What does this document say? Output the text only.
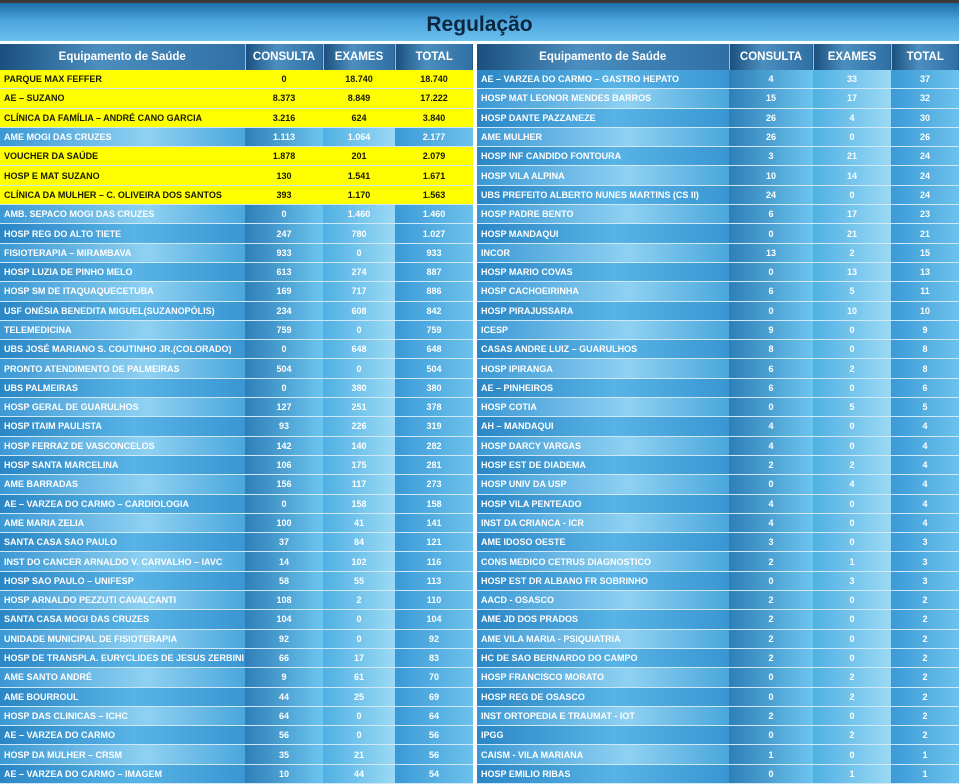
Regulação
Equipamento de Saúde	CONSULTA	EXAMES	TOTAL
PARQUE MAX FEFFER	0	18.740	18.740
AE – SUZANO	8.373	8.849	17.222
CLÍNICA DA FAMÍLIA – ANDRÉ CANO GARCIA	3.216	624	3.840
AME MOGI DAS CRUZES	1.113	1.064	2.177
VOUCHER DA SAÚDE	1.878	201	2.079
HOSP E MAT SUZANO	130	1.541	1.671
CLÍNICA DA MULHER – C. OLIVEIRA DOS SANTOS	393	1.170	1.563
AMB. SEPACO MOGI DAS CRUZES	0	1.460	1.460
HOSP REG DO ALTO TIETE	247	780	1.027
FISIOTERAPIA – MIRAMBAVA	933	0	933
HOSP LUZIA DE PINHO MELO	613	274	887
HOSP SM DE ITAQUAQUECETUBA	169	717	886
USF ONÉSIA BENEDITA MIGUEL(SUZANOPÓLIS)	234	608	842
TELEMEDICINA	759	0	759
UBS JOSÉ MARIANO S. COUTINHO JR.(COLORADO)	0	648	648
PRONTO ATENDIMENTO DE PALMEIRAS	504	0	504
UBS PALMEIRAS	0	380	380
HOSP GERAL DE GUARULHOS	127	251	378
HOSP ITAIM PAULISTA	93	226	319
HOSP FERRAZ DE VASCONCELOS	142	140	282
HOSP SANTA MARCELINA	106	175	281
AME BARRADAS	156	117	273
AE – VARZEA DO CARMO – CARDIOLOGIA	0	158	158
AME MARIA ZELIA	100	41	141
SANTA CASA SAO PAULO	37	84	121
INST DO CANCER ARNALDO V. CARVALHO – IAVC	14	102	116
HOSP SAO PAULO – UNIFESP	58	55	113
HOSP ARNALDO PEZZUTI CAVALCANTI	108	2	110
SANTA CASA MOGI DAS CRUZES	104	0	104
UNIDADE MUNICIPAL DE FISIOTERAPIA	92	0	92
HOSP DE TRANSPLA. EURYCLIDES DE JESUS ZERBINI	66	17	83
AME SANTO ANDRÉ	9	61	70
AME BOURROUL	44	25	69
HOSP DAS CLINICAS – ICHC	64	0	64
AE – VARZEA DO CARMO	56	0	56
HOSP DA MULHER – CRSM	35	21	56
AE – VARZEA DO CARMO – IMAGEM	10	44	54
Equipamento de Saúde	CONSULTA	EXAMES	TOTAL
AE – VARZEA DO CARMO – GASTRO HEPATO	4	33	37
HOSP MAT LEONOR MENDES BARROS	15	17	32
HOSP DANTE PAZZANEZE	26	4	30
AME MULHER	26	0	26
HOSP INF CANDIDO FONTOURA	3	21	24
HOSP VILA ALPINA	10	14	24
UBS PREFEITO ALBERTO NUNES MARTINS (CS II)	24	0	24
HOSP PADRE BENTO	6	17	23
HOSP MANDAQUI	0	21	21
INCOR	13	2	15
HOSP MARIO COVAS	0	13	13
HOSP CACHOEIRINHA	6	5	11
HOSP PIRAJUSSARA	0	10	10
ICESP	9	0	9
CASAS ANDRE LUIZ – GUARULHOS	8	0	8
HOSP IPIRANGA	6	2	8
AE – PINHEIROS	6	0	6
HOSP COTIA	0	5	5
AH – MANDAQUI	4	0	4
HOSP DARCY VARGAS	4	0	4
HOSP EST DE DIADEMA	2	2	4
HOSP UNIV DA USP	0	4	4
HOSP VILA PENTEADO	4	0	4
INST DA CRIANCA - ICR	4	0	4
AME IDOSO OESTE	3	0	3
CONS MEDICO CETRUS DIAGNOSTICO	2	1	3
HOSP EST DR ALBANO FR SOBRINHO	0	3	3
AACD - OSASCO	2	0	2
AME JD DOS PRADOS	2	0	2
AME VILA MARIA - PSIQUIATRIA	2	0	2
HC DE SAO BERNARDO DO CAMPO	2	0	2
HOSP FRANCISCO MORATO	0	2	2
HOSP REG DE OSASCO	0	2	2
INST ORTOPEDIA E TRAUMAT - IOT	2	0	2
IPGG	0	2	2
CAISM - VILA MARIANA	1	0	1
HOSP EMILIO RIBAS	0	1	1
